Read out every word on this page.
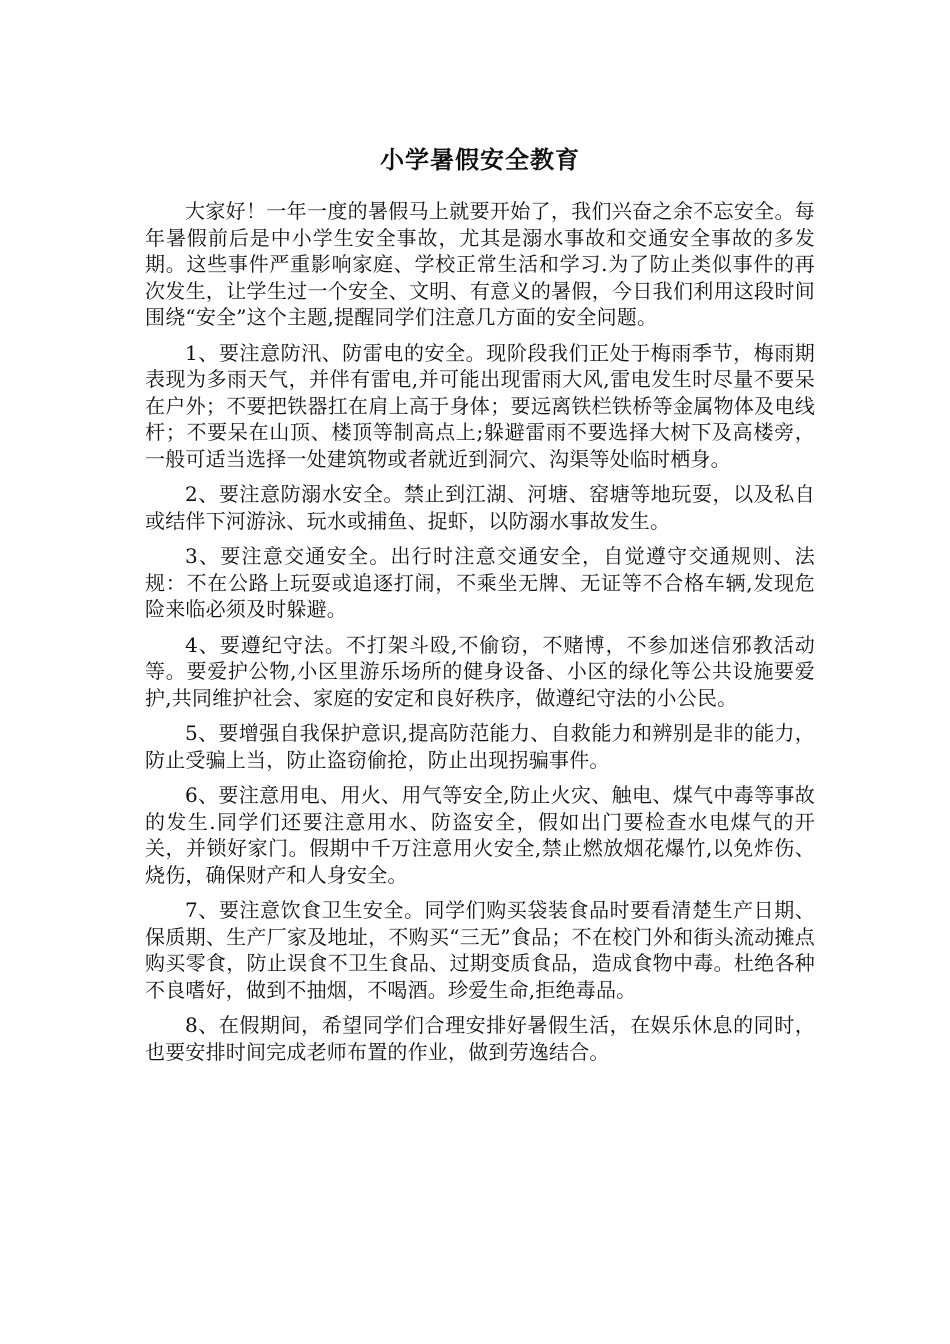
小学暑假安全教育

大家好！一年一度的暑假马上就要开始了，我们兴奋之余不忘安全。每年暑假前后是中小学生安全事故，尤其是溺水事故和交通安全事故的多发期。这些事件严重影响家庭、学校正常生活和学习.为了防止类似事件的再次发生，让学生过一个安全、文明、有意义的暑假，今日我们利用这段时间围绕“安全”这个主题,提醒同学们注意几方面的安全问题。

1、要注意防汛、防雷电的安全。现阶段我们正处于梅雨季节，梅雨期表现为多雨天气，并伴有雷电,并可能出现雷雨大风,雷电发生时尽量不要呆在户外；不要把铁器扛在肩上高于身体；要远离铁栏铁桥等金属物体及电线杆；不要呆在山顶、楼顶等制高点上;躲避雷雨不要选择大树下及高楼旁，一般可适当选择一处建筑物或者就近到洞穴、沟渠等处临时栖身。

2、要注意防溺水安全。禁止到江湖、河塘、窑塘等地玩耍，以及私自或结伴下河游泳、玩水或捕鱼、捉虾，以防溺水事故发生。

3、要注意交通安全。出行时注意交通安全，自觉遵守交通规则、法规：不在公路上玩耍或追逐打闹，不乘坐无牌、无证等不合格车辆,发现危险来临必须及时躲避。

4、要遵纪守法。不打架斗殴,不偷窃，不赌博，不参加迷信邪教活动等。要爱护公物,小区里游乐场所的健身设备、小区的绿化等公共设施要爱护,共同维护社会、家庭的安定和良好秩序，做遵纪守法的小公民。

5、要增强自我保护意识,提高防范能力、自救能力和辨别是非的能力，防止受骗上当，防止盗窃偷抢，防止出现拐骗事件。

6、要注意用电、用火、用气等安全,防止火灾、触电、煤气中毒等事故的发生.同学们还要注意用水、防盗安全，假如出门要检查水电煤气的开关，并锁好家门。假期中千万注意用火安全,禁止燃放烟花爆竹,以免炸伤、烧伤，确保财产和人身安全。

7、要注意饮食卫生安全。同学们购买袋装食品时要看清楚生产日期、保质期、生产厂家及地址，不购买“三无”食品；不在校门外和街头流动摊点购买零食，防止误食不卫生食品、过期变质食品，造成食物中毒。杜绝各种不良嗜好，做到不抽烟，不喝酒。珍爱生命,拒绝毒品。

8、在假期间，希望同学们合理安排好暑假生活，在娱乐休息的同时，也要安排时间完成老师布置的作业，做到劳逸结合。
